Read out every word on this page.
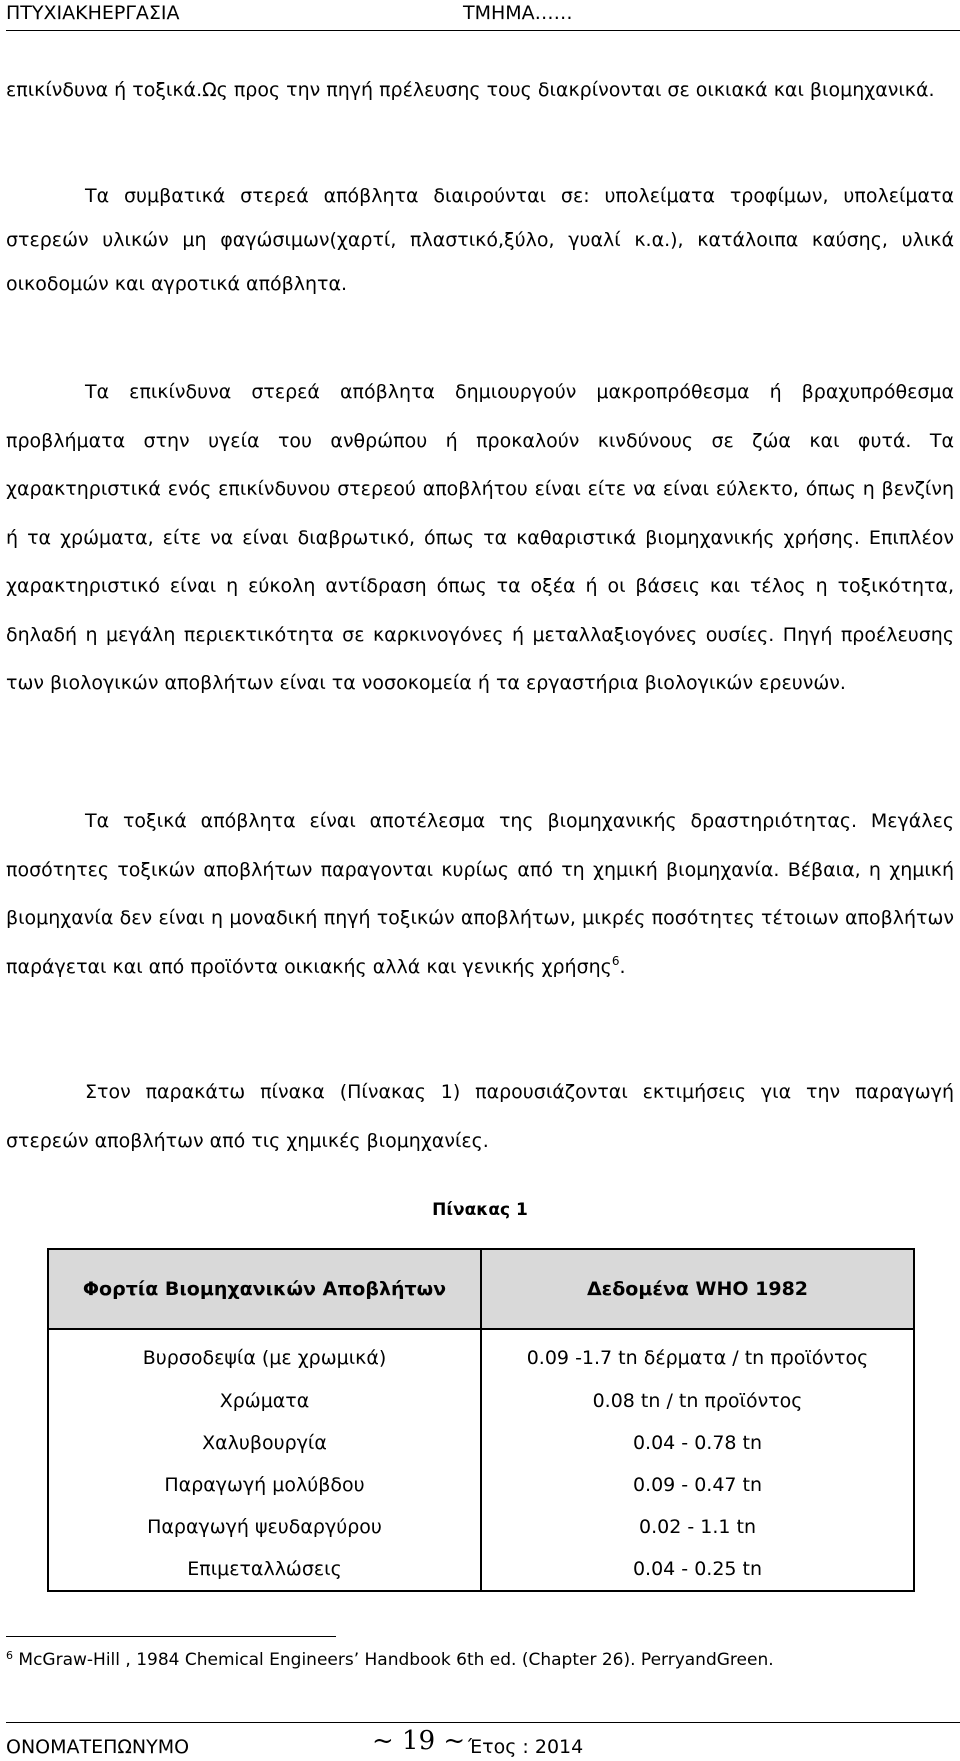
ΠΤΥΧΙΑΚΗΕΡΓΑΣΙΑ	ΤΜΗΜΑ……

επικίνδυνα ή τοξικά.Ως προς την πηγή πρέλευσης τους διακρίνονται σε οικιακά και βιομηχανικά.

Τα συμβατικά στερεά απόβλητα διαιρούνται σε: υπολείματα τροφίμων, υπολείματα στερεών υλικών μη φαγώσιμων(χαρτί, πλαστικό,ξύλο, γυαλί κ.α.), κατάλοιπα καύσης, υλικά οικοδομών και αγροτικά απόβλητα.

Τα επικίνδυνα στερεά απόβλητα δημιουργούν μακροπρόθεσμα ή βραχυπρόθεσμα προβλήματα στην υγεία του ανθρώπου ή προκαλούν κινδύνους σε ζώα και φυτά. Τα χαρακτηριστικά ενός επικίνδυνου στερεού αποβλήτου είναι είτε να είναι εύλεκτο, όπως η βενζίνη ή τα χρώματα, είτε να είναι διαβρωτικό, όπως τα καθαριστικά βιομηχανικής χρήσης. Επιπλέον χαρακτηριστικό είναι η εύκολη αντίδραση όπως τα οξέα ή οι βάσεις και τέλος η τοξικότητα, δηλαδή η μεγάλη περιεκτικότητα σε καρκινογόνες ή μεταλλαξιογόνες ουσίες. Πηγή προέλευσης των βιολογικών αποβλήτων είναι τα νοσοκομεία ή τα εργαστήρια βιολογικών ερευνών.

Τα τοξικά απόβλητα είναι αποτέλεσμα της βιομηχανικής δραστηριότητας. Μεγάλες ποσότητες τοξικών αποβλήτων παραγονται κυρίως από τη χημική βιομηχανία. Βέβαια, η χημική βιομηχανία δεν είναι η μοναδική πηγή τοξικών αποβλήτων, μικρές ποσότητες τέτοιων αποβλήτων παράγεται και από προϊόντα οικιακής αλλά και γενικής χρήσης$^6$.

Στον παρακάτω πίνακα (Πίνακας 1) παρουσιάζονται εκτιμήσεις για την παραγωγή στερεών αποβλήτων από τις χημικές βιομηχανίες.

Πίνακας 1
Φορτία Βιομηχανικών Αποβλήτων	Δεδομένα WHO 1982
Βυρσοδεψία (με χρωμικά)	0.09 -1.7 tn δέρματα / tn προϊόντος
Χρώματα	0.08 tn / tn προϊόντος
Χαλυβουργία	0.04 - 0.78 tn
Παραγωγή μολύβδου	0.09 - 0.47 tn
Παραγωγή ψευδαργύρου	0.02 - 1.1 tn
Επιμεταλλώσεις	0.04 - 0.25 tn
$^6$ McGraw-Hill , 1984 Chemical Engineers’ Handbook 6th ed. (Chapter 26). PerryandGreen.
ΟΝΟΜΑΤΕΠΩΝΥΜΟ	~ 19 ~ Έτος : 2014
